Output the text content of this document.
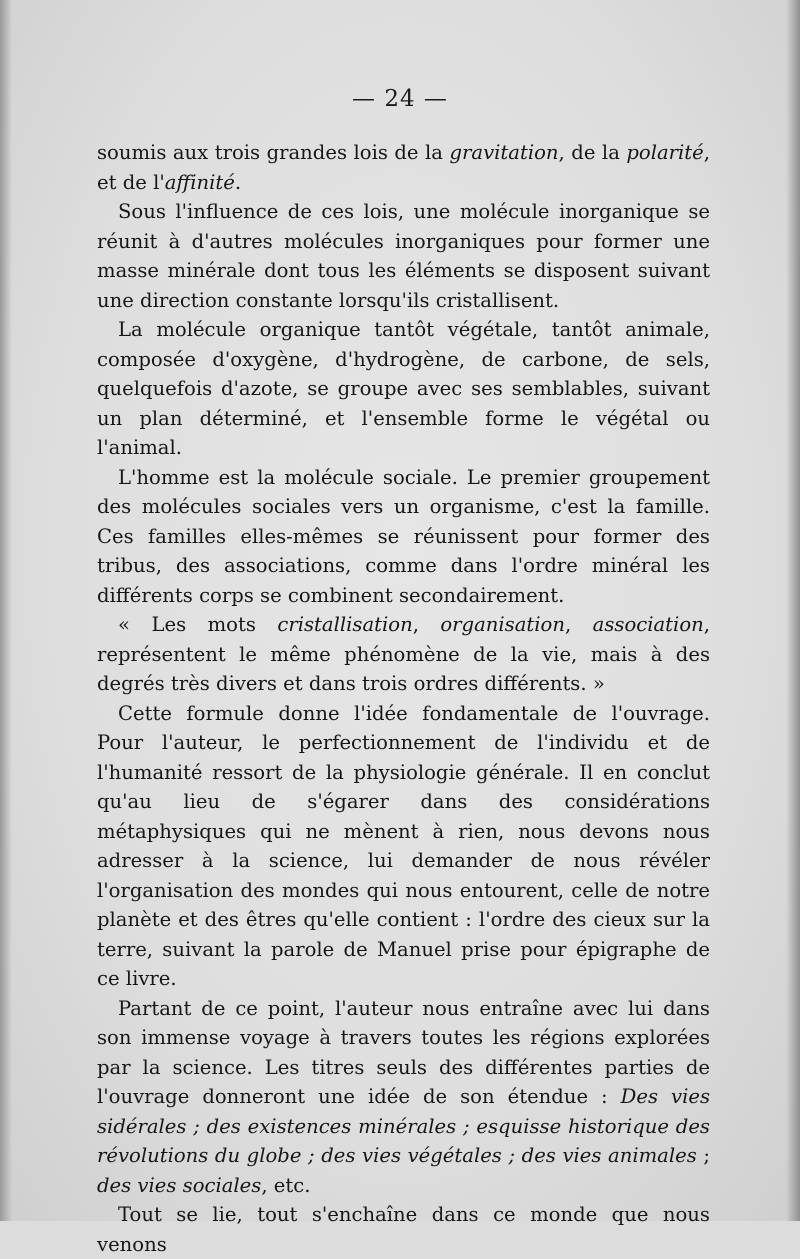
— 24 —

soumis aux trois grandes lois de la gravitation, de la polarité, et de l'affinité.

Sous l'influence de ces lois, une molécule inorganique se réunit à d'autres molécules inorganiques pour former une masse minérale dont tous les éléments se disposent suivant une direction constante lorsqu'ils cristallisent.

La molécule organique tantôt végétale, tantôt animale, composée d'oxygène, d'hydrogène, de carbone, de sels, quelquefois d'azote, se groupe avec ses semblables, suivant un plan déterminé, et l'ensemble forme le végétal ou l'animal.

L'homme est la molécule sociale. Le premier groupement des molécules sociales vers un organisme, c'est la famille. Ces familles elles-mêmes se réunissent pour former des tribus, des associations, comme dans l'ordre minéral les différents corps se combinent secondairement.

« Les mots cristallisation, organisation, association, représentent le même phénomène de la vie, mais à des degrés très divers et dans trois ordres différents. »

Cette formule donne l'idée fondamentale de l'ouvrage. Pour l'auteur, le perfectionnement de l'individu et de l'humanité ressort de la physiologie générale. Il en conclut qu'au lieu de s'égarer dans des considérations métaphysiques qui ne mènent à rien, nous devons nous adresser à la science, lui demander de nous révéler l'organisation des mondes qui nous entourent, celle de notre planète et des êtres qu'elle contient : l'ordre des cieux sur la terre, suivant la parole de Manuel prise pour épigraphe de ce livre.

Partant de ce point, l'auteur nous entraîne avec lui dans son immense voyage à travers toutes les régions explorées par la science. Les titres seuls des différentes parties de l'ouvrage donneront une idée de son étendue : Des vies sidérales ; des existences minérales ; esquisse historique des révolutions du globe ; des vies végétales ; des vies animales ; des vies sociales, etc.

Tout se lie, tout s'enchaîne dans ce monde que nous venons
